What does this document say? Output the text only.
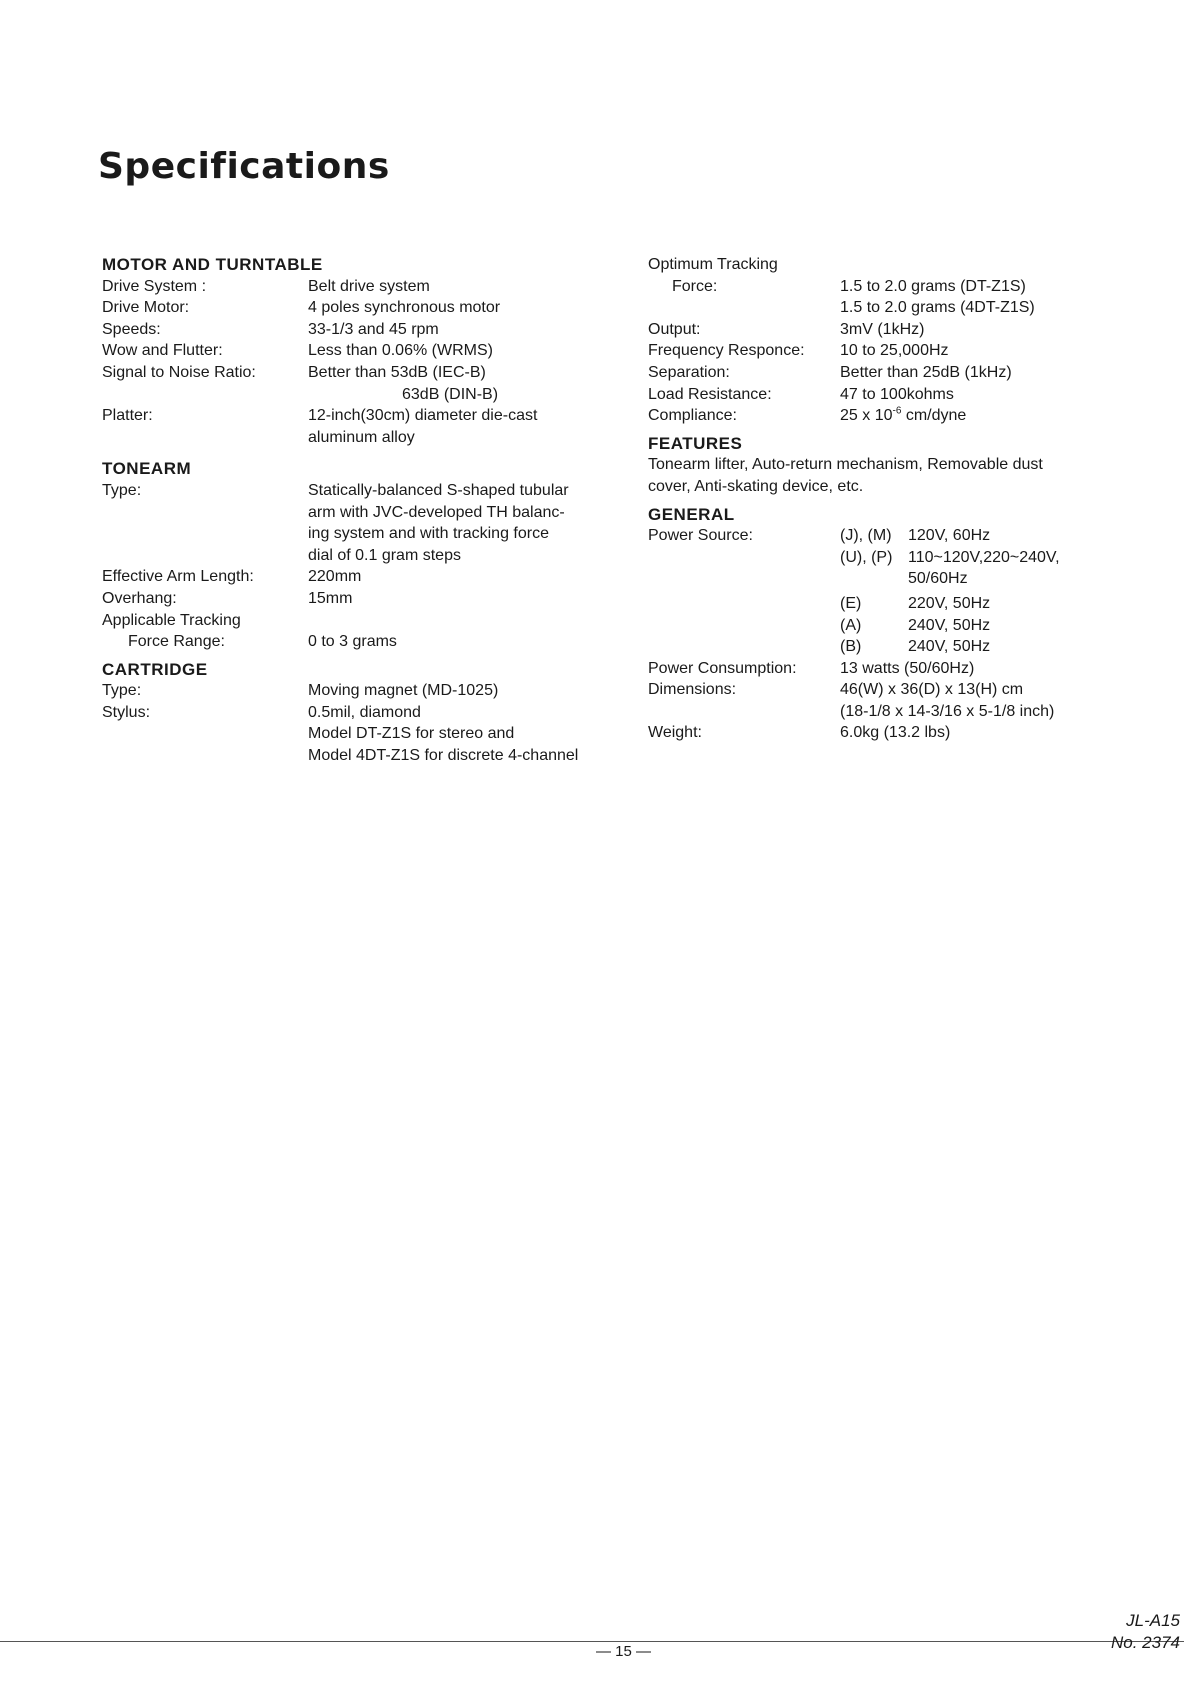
Specifications
MOTOR AND TURNTABLE
Drive System :	Belt drive system
Drive Motor:	4 poles synchronous motor
Speeds:	33-1/3 and 45 rpm
Wow and Flutter:	Less than 0.06% (WRMS)
Signal to Noise Ratio:	Better than 53dB (IEC-B)
63dB (DIN-B)
Platter:	12-inch(30cm) diameter die-cast
aluminum alloy
TONEARM
Type:	Statically-balanced S-shaped tubular
arm with JVC-developed TH balanc-
ing system and with tracking force
dial of 0.1 gram steps
Effective Arm Length:	220mm
Overhang:	15mm
Applicable Tracking

Force Range:	0 to 3 grams
CARTRIDGE
Type:	Moving magnet (MD-1025)
Stylus:	0.5mil, diamond
Model DT-Z1S for stereo and
Model 4DT-Z1S for discrete 4-channel
Optimum Tracking
Force:	1.5 to 2.0 grams (DT-Z1S)
1.5 to 2.0 grams (4DT-Z1S)
Output:	3mV (1kHz)
Frequency Responce: 10 to 25,000Hz
Separation:	Better than 25dB (1kHz)
Load Resistance:	47 to 100kohms
Compliance:	25 x $10^{-6}$ cm/dyne
FEATURES
Tonearm lifter, Auto-return mechanism, Removable dust
cover, Anti-skating device, etc.
GENERAL
Power Source:	(J), (M) 120V, 60Hz
(U), (P) 110~120V,220~240V,
50/60Hz
(E)	220V, 50Hz
(A)	240V, 50Hz
(B)	240V, 50Hz
Power Consumption:	13 watts (50/60Hz)
Dimensions:	46(W) x 36(D) x 13(H) cm
(18-1/8 x 14-3/16 x 5-1/8 inch)
Weight:	6.0kg (13.2 lbs)
— 15 —
JL-A15
No. 2374
